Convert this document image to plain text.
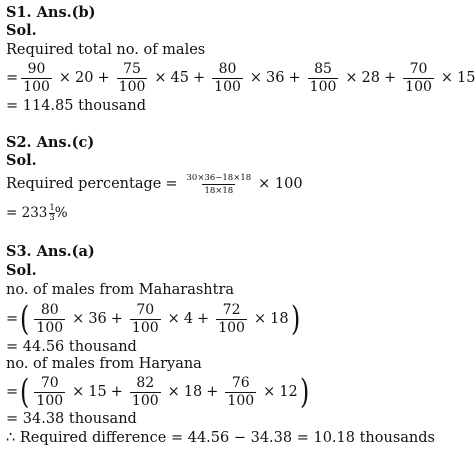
S1. Ans.(b)
Sol.
Required total no. of males
= $\frac{90}{100} \times 20 + \frac{75}{100} \times 45 + \frac{80}{100} \times 36 + \frac{85}{100} \times 28 + \frac{70}{100} \times 15$
= 114.85 thousand
S2. Ans.(c)
Sol.
Required percentage = $\frac{30\times 36-18\times 18}{18\times 18} \times 100$
= $233 \frac{1}{3}$ %
S3. Ans.(a)
Sol.
no. of males from Maharashtra
= ( $\frac{80}{100} \times 36 + \frac{70}{100} \times 4 + \frac{72}{100} \times 18$ )
= 44.56 thousand
no. of males from Haryana
= ( $\frac{70}{100} \times 15 + \frac{82}{100} \times 18 + \frac{76}{100} \times 12$ )
= 34.38 thousand
∴ Required difference = 44.56 − 34.38 = 10.18 thousands
